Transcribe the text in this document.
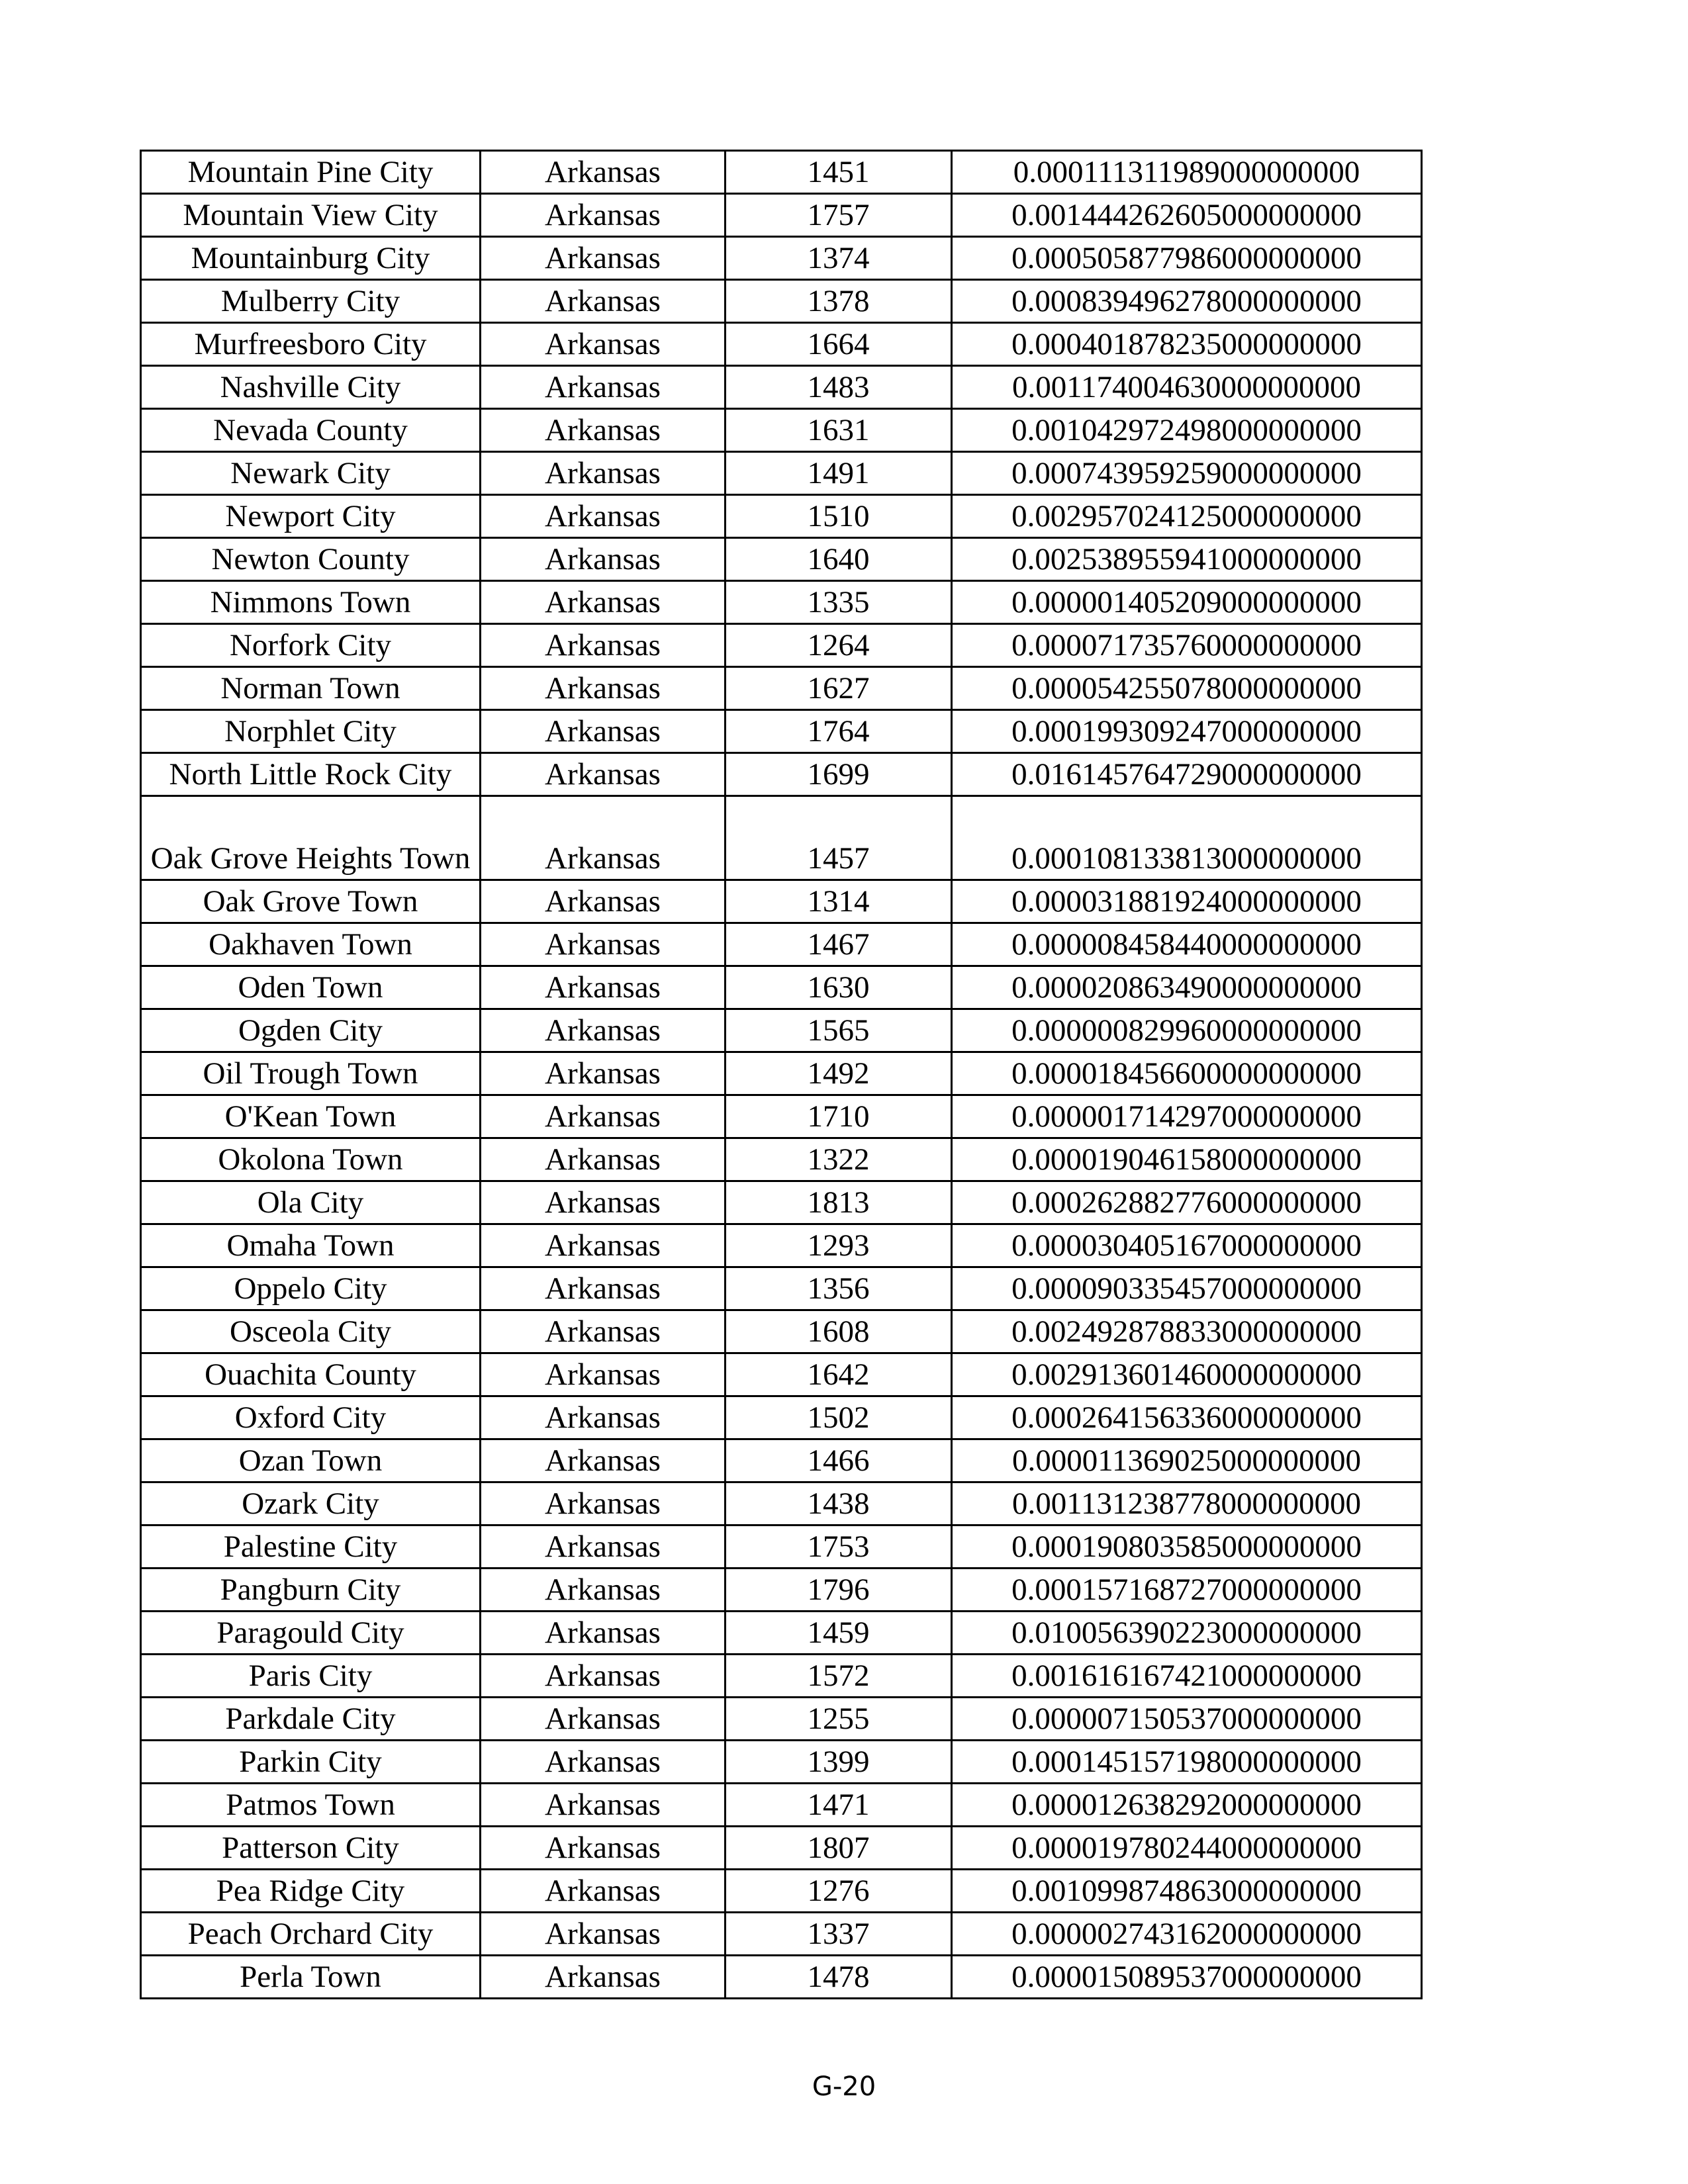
Mountain Pine City	Arkansas	1451	0.000111311989000000000
Mountain View City	Arkansas	1757	0.001444262605000000000
Mountainburg City	Arkansas	1374	0.000505877986000000000
Mulberry City	Arkansas	1378	0.000839496278000000000
Murfreesboro City	Arkansas	1664	0.000401878235000000000
Nashville City	Arkansas	1483	0.001174004630000000000
Nevada County	Arkansas	1631	0.001042972498000000000
Newark City	Arkansas	1491	0.000743959259000000000
Newport City	Arkansas	1510	0.002957024125000000000
Newton County	Arkansas	1640	0.002538955941000000000
Nimmons Town	Arkansas	1335	0.000001405209000000000
Norfork City	Arkansas	1264	0.000071735760000000000
Norman Town	Arkansas	1627	0.000054255078000000000
Norphlet City	Arkansas	1764	0.000199309247000000000
North Little Rock City	Arkansas	1699	0.016145764729000000000
Oak Grove Heights Town	Arkansas	1457	0.000108133813000000000
Oak Grove Town	Arkansas	1314	0.000031881924000000000
Oakhaven Town	Arkansas	1467	0.000008458440000000000
Oden Town	Arkansas	1630	0.000020863490000000000
Ogden City	Arkansas	1565	0.000000829960000000000
Oil Trough Town	Arkansas	1492	0.000018456600000000000
O'Kean Town	Arkansas	1710	0.000001714297000000000
Okolona Town	Arkansas	1322	0.000019046158000000000
Ola City	Arkansas	1813	0.000262882776000000000
Omaha Town	Arkansas	1293	0.000030405167000000000
Oppelo City	Arkansas	1356	0.000090335457000000000
Osceola City	Arkansas	1608	0.002492878833000000000
Ouachita County	Arkansas	1642	0.002913601460000000000
Oxford City	Arkansas	1502	0.000264156336000000000
Ozan Town	Arkansas	1466	0.000011369025000000000
Ozark City	Arkansas	1438	0.001131238778000000000
Palestine City	Arkansas	1753	0.000190803585000000000
Pangburn City	Arkansas	1796	0.000157168727000000000
Paragould City	Arkansas	1459	0.010056390223000000000
Paris City	Arkansas	1572	0.001616167421000000000
Parkdale City	Arkansas	1255	0.000007150537000000000
Parkin City	Arkansas	1399	0.000145157198000000000
Patmos Town	Arkansas	1471	0.000012638292000000000
Patterson City	Arkansas	1807	0.000019780244000000000
Pea Ridge City	Arkansas	1276	0.001099874863000000000
Peach Orchard City	Arkansas	1337	0.000002743162000000000
Perla Town	Arkansas	1478	0.000015089537000000000
G-20
